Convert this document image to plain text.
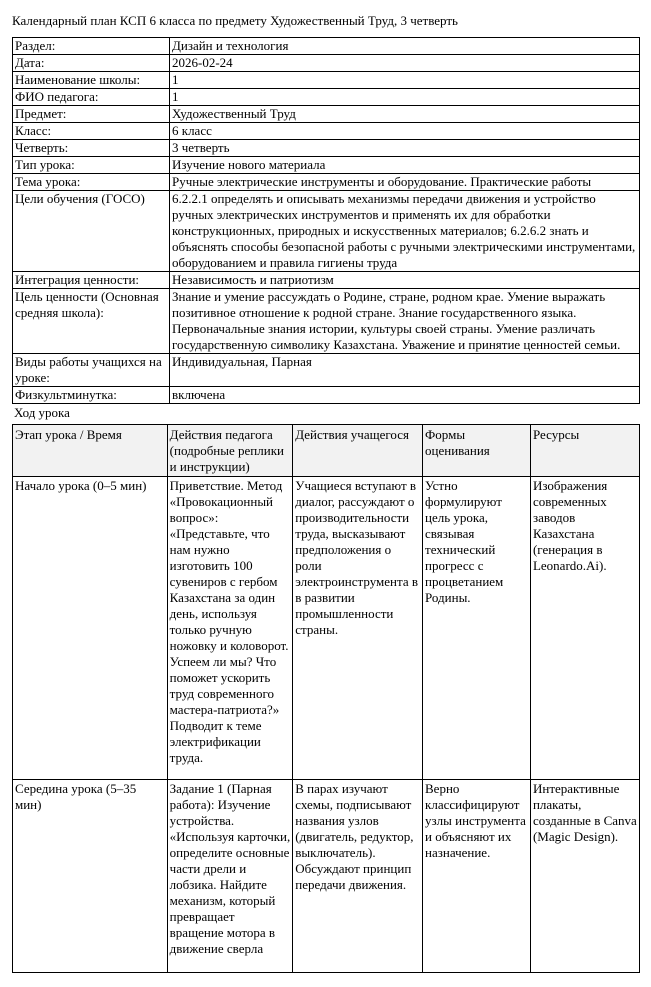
Календарный план КСП 6 класса по предмету Художественный Труд, 3 четверть
Раздел:	Дизайн и технология
Дата:	2026-02-24
Наименование школы:	1
ФИО педагога:	1
Предмет:	Художественный Труд
Класс:	6 класс
Четверть:	3 четверть
Тип урока:	Изучение нового материала
Тема урока:	Ручные электрические инструменты и оборудование. Практические работы
Цели обучения (ГОСО)	6.2.2.1 определять и описывать механизмы передачи движения и устройство ручных электрических инструментов и применять их для обработки конструкционных, природных и искусственных материалов; 6.2.6.2 знать и объяснять способы безопасной работы с ручными электрическими инструментами, оборудованием и правила гигиены труда
Интеграция ценности:	Независимость и патриотизм
Цель ценности (Основная средняя школа):	Знание и умение рассуждать о Родине, стране, родном крае. Умение выражать позитивное отношение к родной стране. Знание государственного языка. Первоначальные знания истории, культуры своей страны. Умение различать государственную символику Казахстана. Уважение и принятие ценностей семьи.
Виды работы учащихся на уроке:	Индивидуальная, Парная
Физкультминутка:	включена
Ход урока
Этап урока / Время	Действия педагога (подробные реплики и инструкции)	Действия учащегося	Формы оценивания	Ресурсы
Начало урока (0–5 мин)	Приветствие. Метод «Провокационный вопрос»: «Представьте, что нам нужно изготовить 100 сувениров с гербом Казахстана за один день, используя только ручную ножовку и коловорот. Успеем ли мы? Что поможет ускорить труд современного мастера-патриота?» Подводит к теме электрификации труда.	Учащиеся вступают в диалог, рассуждают о производительности труда, высказывают предположения о роли электроинструмента в в развитии промышленности страны.	Устно формулируют цель урока, связывая технический прогресс с процветанием Родины.	Изображения современных заводов Казахстана (генерация в Leonardo.Ai).
Середина урока (5–35 мин)	Задание 1 (Парная работа): Изучение устройства. «Используя карточки, определите основные части дрели и лобзика. Найдите механизм, который превращает вращение мотора в движение сверла	В парах изучают схемы, подписывают названия узлов (двигатель, редуктор, выключатель). Обсуждают принцип передачи движения.	Верно классифицируют узлы инструмента и объясняют их назначение.	Интерактивные плакаты, созданные в Canva (Magic Design).
